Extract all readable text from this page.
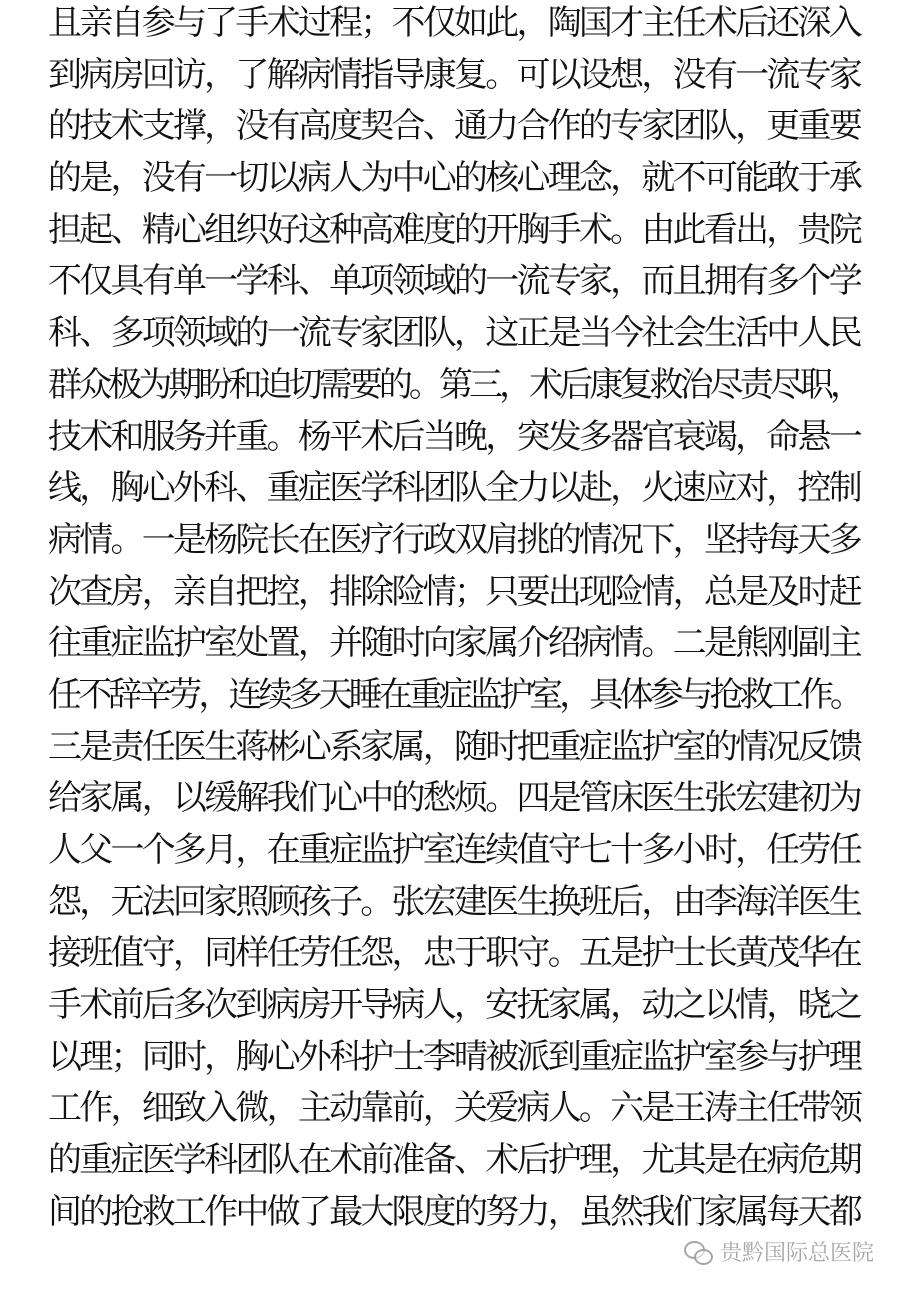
且亲自参与了手术过程；不仅如此，陶国才主任术后还深入
到病房回访，了解病情指导康复。可以设想，没有一流专家
的技术支撑，没有高度契合、通力合作的专家团队，更重要
的是，没有一切以病人为中心的核心理念，就不可能敢于承
担起、精心组织好这种高难度的开胸手术。由此看出，贵院
不仅具有单一学科、单项领域的一流专家，而且拥有多个学
科、多项领域的一流专家团队，这正是当今社会生活中人民
群众极为期盼和迫切需要的。第三，术后康复救治尽责尽职，
技术和服务并重。杨平术后当晚，突发多器官衰竭，命悬一
线，胸心外科、重症医学科团队全力以赴，火速应对，控制
病情。一是杨院长在医疗行政双肩挑的情况下，坚持每天多
次查房，亲自把控，排除险情；只要出现险情，总是及时赶
往重症监护室处置，并随时向家属介绍病情。二是熊刚副主
任不辞辛劳，连续多天睡在重症监护室，具体参与抢救工作。
三是责任医生蒋彬心系家属，随时把重症监护室的情况反馈
给家属，以缓解我们心中的愁烦。四是管床医生张宏建初为
人父一个多月，在重症监护室连续值守七十多小时，任劳任
怨，无法回家照顾孩子。张宏建医生换班后，由李海洋医生
接班值守，同样任劳任怨，忠于职守。五是护士长黄茂华在
手术前后多次到病房开导病人，安抚家属，动之以情，晓之
以理；同时，胸心外科护士李晴被派到重症监护室参与护理
工作，细致入微，主动靠前，关爱病人。六是王涛主任带领
的重症医学科团队在术前准备、术后护理，尤其是在病危期
间的抢救工作中做了最大限度的努力，虽然我们家属每天都
贵黔国际总医院
